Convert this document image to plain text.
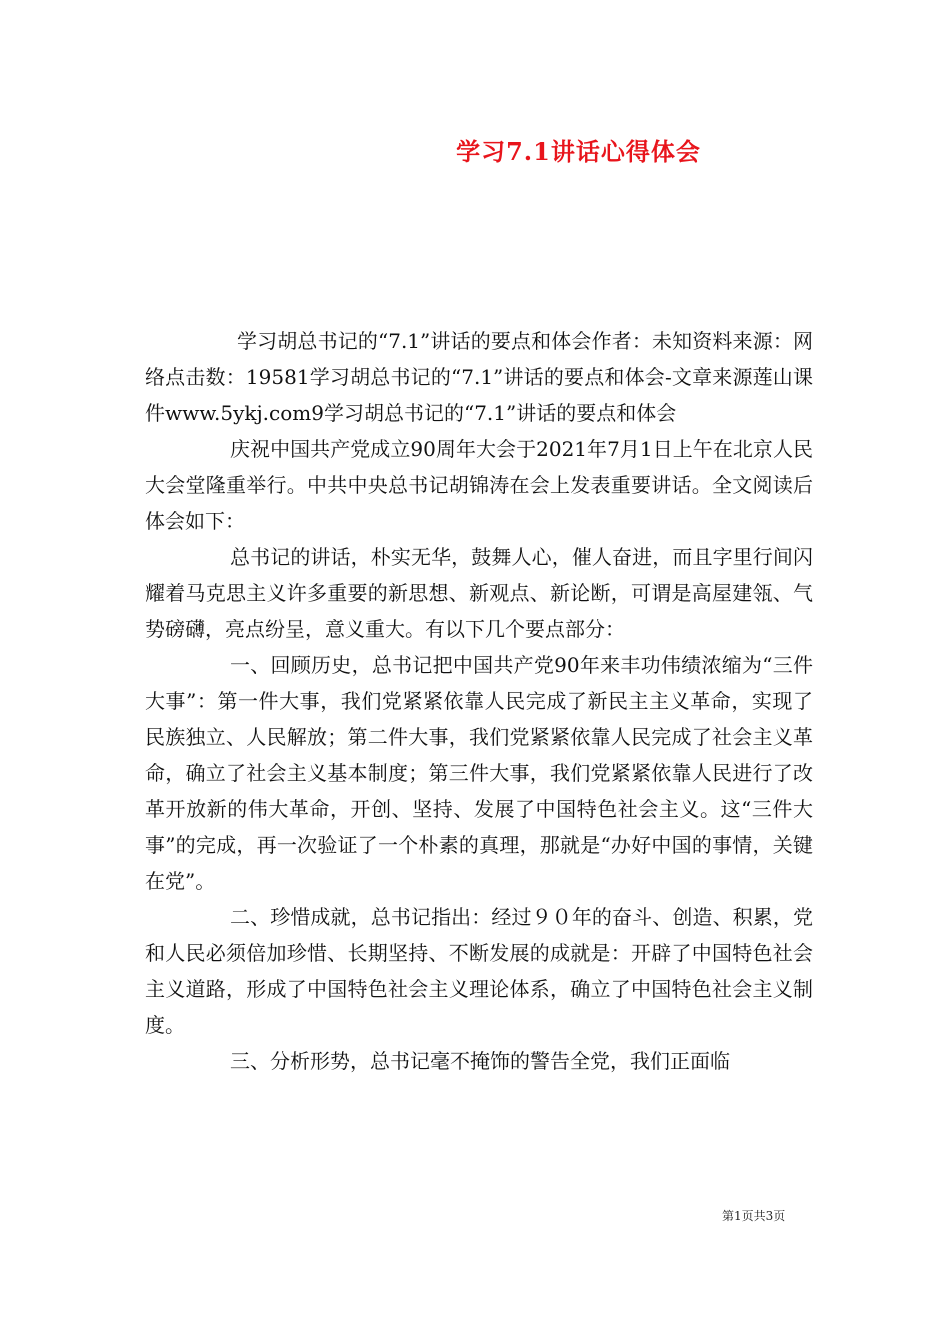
学习7.1讲话心得体会

学习胡总书记的“7.1”讲话的要点和体会作者：未知资料来源：网络点击数：19581学习胡总书记的“7.1”讲话的要点和体会-文章来源莲山课件www.5ykj.com9学习胡总书记的“7.1”讲话的要点和体会

庆祝中国共产党成立90周年大会于2021年7月1日上午在北京人民大会堂隆重举行。中共中央总书记胡锦涛在会上发表重要讲话。全文阅读后体会如下：

总书记的讲话，朴实无华，鼓舞人心，催人奋进，而且字里行间闪耀着马克思主义许多重要的新思想、新观点、新论断，可谓是高屋建瓴、气势磅礴，亮点纷呈，意义重大。有以下几个要点部分：

一、回顾历史，总书记把中国共产党90年来丰功伟绩浓缩为“三件大事”：第一件大事，我们党紧紧依靠人民完成了新民主主义革命，实现了民族独立、人民解放；第二件大事，我们党紧紧依靠人民完成了社会主义革命，确立了社会主义基本制度；第三件大事，我们党紧紧依靠人民进行了改革开放新的伟大革命，开创、坚持、发展了中国特色社会主义。这“三件大事”的完成，再一次验证了一个朴素的真理，那就是“办好中国的事情，关键在党”。

二、珍惜成就，总书记指出：经过９０年的奋斗、创造、积累，党和人民必须倍加珍惜、长期坚持、不断发展的成就是：开辟了中国特色社会主义道路，形成了中国特色社会主义理论体系，确立了中国特色社会主义制度。

三、分析形势，总书记毫不掩饰的警告全党，我们正面临

第1页共3页
